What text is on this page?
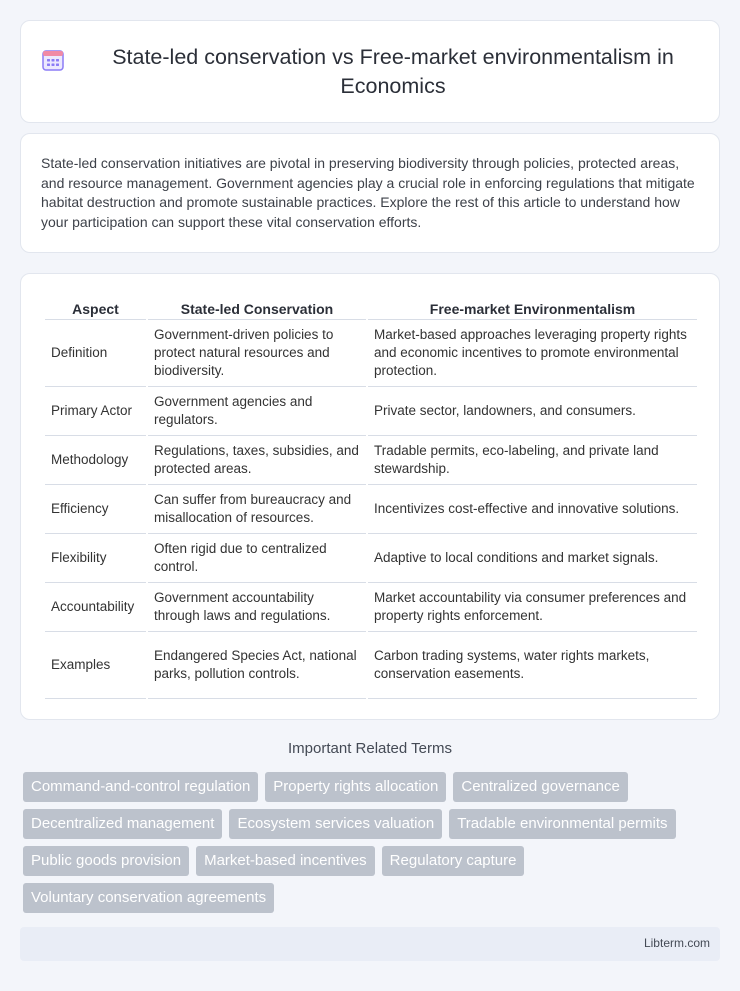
State-led conservation vs Free-market environmentalism in Economics

State-led conservation initiatives are pivotal in preserving biodiversity through policies, protected areas, and resource management. Government agencies play a crucial role in enforcing regulations that mitigate habitat destruction and promote sustainable practices. Explore the rest of this article to understand how your participation can support these vital conservation efforts.

Aspect	State-led Conservation	Free-market Environmentalism
Definition	Government-driven policies to protect natural resources and biodiversity.	Market-based approaches leveraging property rights and economic incentives to promote environmental protection.
Primary Actor	Government agencies and regulators.	Private sector, landowners, and consumers.
Methodology	Regulations, taxes, subsidies, and protected areas.	Tradable permits, eco-labeling, and private land stewardship.
Efficiency	Can suffer from bureaucracy and misallocation of resources.	Incentivizes cost-effective and innovative solutions.
Flexibility	Often rigid due to centralized control.	Adaptive to local conditions and market signals.
Accountability	Government accountability through laws and regulations.	Market accountability via consumer preferences and property rights enforcement.
Examples	Endangered Species Act, national parks, pollution controls.	Carbon trading systems, water rights markets, conservation easements.
Important Related Terms
Command-and-control regulation	Property rights allocation	Centralized governance
Decentralized management	Ecosystem services valuation	Tradable environmental permits
Public goods provision	Market-based incentives	Regulatory capture
Voluntary conservation agreements
Libterm.com
